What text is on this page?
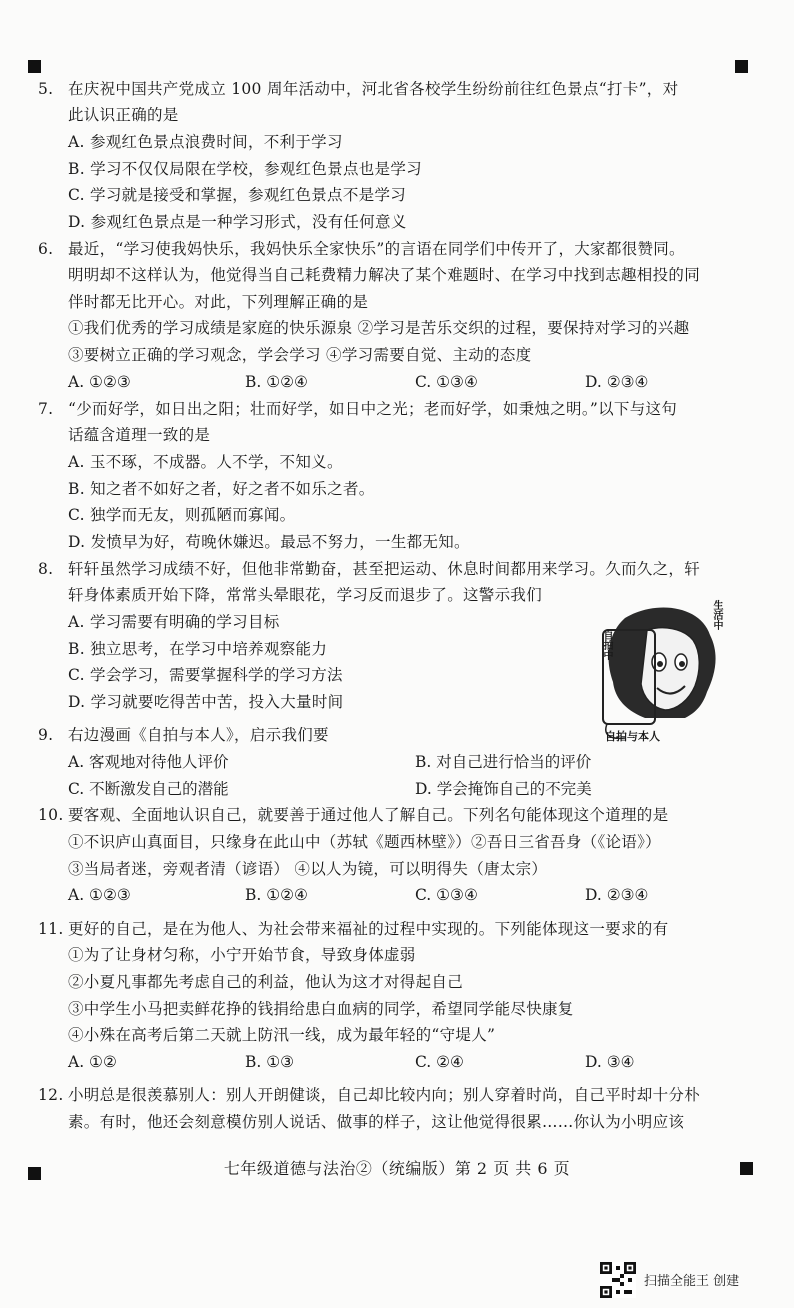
5. 在庆祝中国共产党成立 100 周年活动中，河北省各校学生纷纷前往红色景点“打卡”，对
此认识正确的是
A. 参观红色景点浪费时间，不利于学习
B. 学习不仅仅局限在学校，参观红色景点也是学习
C. 学习就是接受和掌握，参观红色景点不是学习
D. 参观红色景点是一种学习形式，没有任何意义
6. 最近，“学习使我妈快乐，我妈快乐全家快乐”的言语在同学们中传开了，大家都很赞同。
明明却不这样认为，他觉得当自己耗费精力解决了某个难题时、在学习中找到志趣相投的同
伴时都无比开心。对此，下列理解正确的是
①我们优秀的学习成绩是家庭的快乐源泉 ②学习是苦乐交织的过程，要保持对学习的兴趣
③要树立正确的学习观念，学会学习 ④学习需要自觉、主动的态度
A. ①②③	B. ①②④	C. ①③④	D. ②③④
7. “少而好学，如日出之阳；壮而好学，如日中之光；老而好学，如秉烛之明。”以下与这句
话蕴含道理一致的是
A. 玉不琢，不成器。人不学，不知义。
B. 知之者不如好之者，好之者不如乐之者。
C. 独学而无友，则孤陋而寡闻。
D. 发愤早为好，苟晚休嫌迟。最忌不努力，一生都无知。
8. 轩轩虽然学习成绩不好，但他非常勤奋，甚至把运动、休息时间都用来学习。久而久之，轩
轩身体素质开始下降，常常头晕眼花，学习反而退步了。这警示我们
A. 学习需要有明确的学习目标
B. 独立思考，在学习中培养观察能力
C. 学会学习，需要掌握科学的学习方法
D. 学习就要吃得苦中苦，投入大量时间
自拍中
生活中
自拍与本人
9. 右边漫画《自拍与本人》，启示我们要
A. 客观地对待他人评价	B. 对自己进行恰当的评价
C. 不断激发自己的潜能	D. 学会掩饰自己的不完美
10. 要客观、全面地认识自己，就要善于通过他人了解自己。下列名句能体现这个道理的是
①不识庐山真面目，只缘身在此山中（苏轼《题西林壁》）②吾日三省吾身（《论语》）
③当局者迷，旁观者清（谚语） ④以人为镜，可以明得失（唐太宗）
A. ①②③	B. ①②④	C. ①③④	D. ②③④
11. 更好的自己，是在为他人、为社会带来福祉的过程中实现的。下列能体现这一要求的有
①为了让身材匀称，小宁开始节食，导致身体虚弱
②小夏凡事都先考虑自己的利益，他认为这才对得起自己
③中学生小马把卖鲜花挣的钱捐给患白血病的同学，希望同学能尽快康复
④小殊在高考后第二天就上防汛一线，成为最年轻的“守堤人”
A. ①②	B. ①③	C. ②④	D. ③④
12. 小明总是很羡慕别人：别人开朗健谈，自己却比较内向；别人穿着时尚，自己平时却十分朴
素。有时，他还会刻意模仿别人说话、做事的样子，这让他觉得很累……你认为小明应该
七年级道德与法治②（统编版）第 2 页 共 6 页
扫描全能王 创建
